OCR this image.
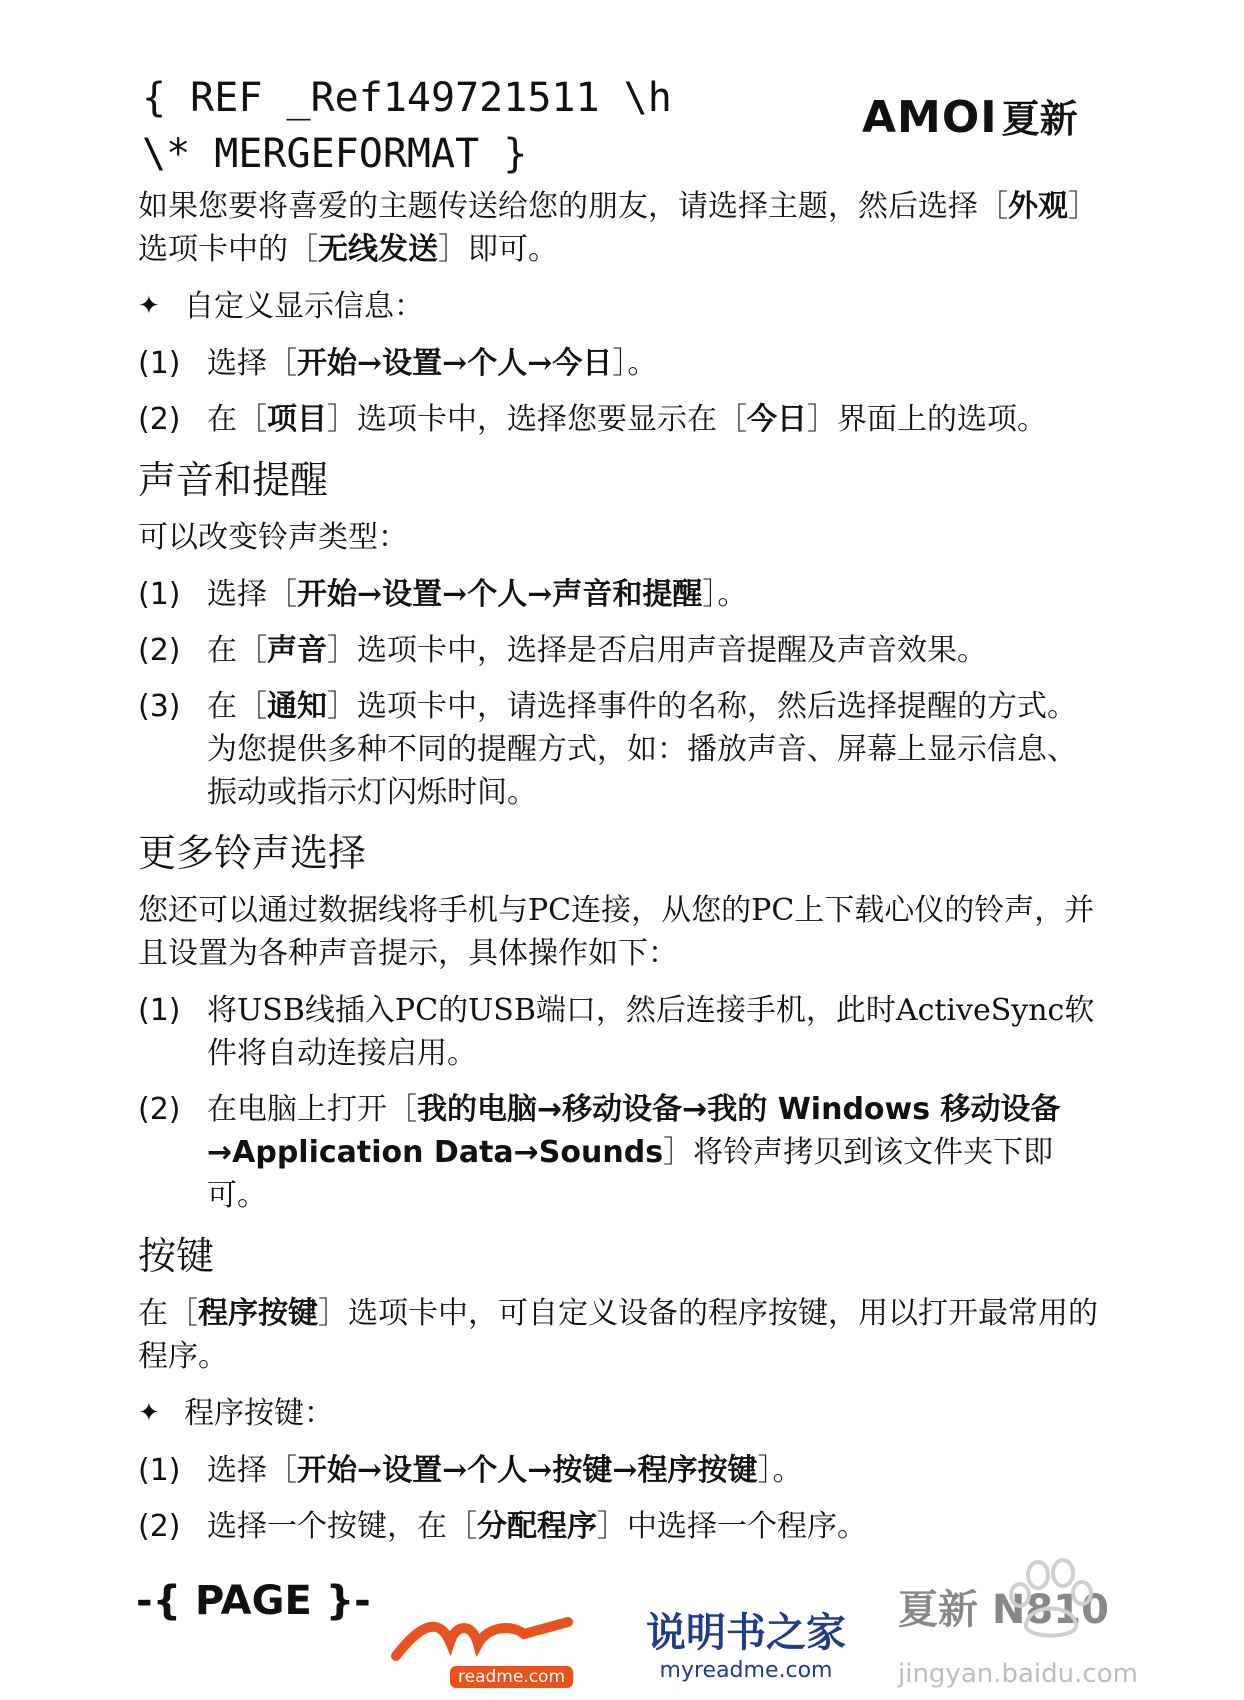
{ REF _Ref149721511 \h \* MERGEFORMAT }
AMOI 夏新

如果您要将喜爱的主题传送给您的朋友，请选择主题，然后选择［外观］选项卡中的［无线发送］即可。

✦ 自定义显示信息：
(1) 选择［开始→设置→个人→今日］。
(2) 在［项目］选项卡中，选择您要显示在［今日］界面上的选项。
声音和提醒

可以改变铃声类型：

(1) 选择［开始→设置→个人→声音和提醒］。
(2) 在［声音］选项卡中，选择是否启用声音提醒及声音效果。
(3) 在［通知］选项卡中，请选择事件的名称，然后选择提醒的方式。为您提供多种不同的提醒方式，如：播放声音、屏幕上显示信息、振动或指示灯闪烁时间。
更多铃声选择

您还可以通过数据线将手机与PC连接，从您的PC上下载心仪的铃声，并且设置为各种声音提示，具体操作如下：

(1) 将USB线插入PC的USB端口，然后连接手机，此时ActiveSync软件将自动连接启用。
(2) 在电脑上打开［我的电脑→移动设备→我的 Windows 移动设备→Application Data→Sounds］将铃声拷贝到该文件夹下即可。
按键

在［程序按键］选项卡中，可自定义设备的程序按键，用以打开最常用的程序。

✦ 程序按键：
(1) 选择［开始→设置→个人→按键→程序按键］。
(2) 选择一个按键，在［分配程序］中选择一个程序。
-{ PAGE }-	夏新 N810
readme.com
说明书之家
myreadme.com	jingyan.baidu.com
